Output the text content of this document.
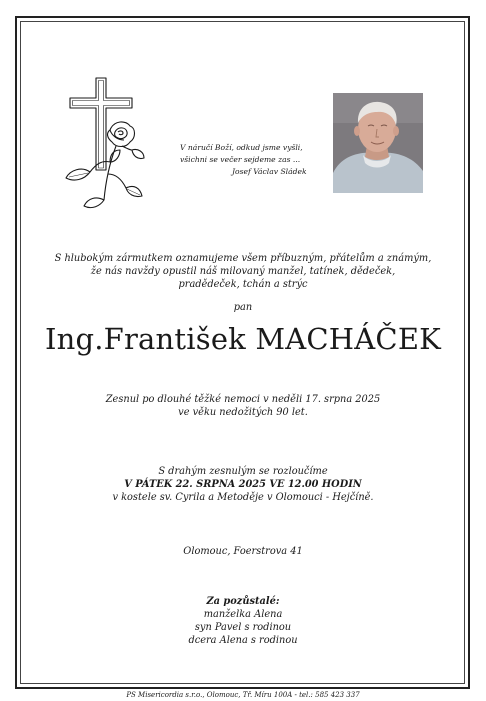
V náručí Boží, odkud jsme vyšli,
všichni se večer sejdeme zas ...
Josef Václav Sládek
S hlubokým zármutkem oznamujeme všem příbuzným, přátelům a známým,
že nás navždy opustil náš milovaný manžel, tatínek, dědeček,
pradědeček, tchán a strýc
pan
Ing.František MACHÁČEK
Zesnul po dlouhé těžké nemoci v neděli 17. srpna 2025
ve věku nedožitých 90 let.
S drahým zesnulým se rozloučíme
V PÁTEK 22. SRPNA 2025 VE 12.00 HODIN
v kostele sv. Cyrila a Metoděje v Olomouci - Hejčíně.
Olomouc, Foerstrova 41
Za pozůstalé:
manželka Alena
syn Pavel s rodinou
dcera Alena s rodinou
PS Misericordia s.r.o., Olomouc, Tř. Míru 100A - tel.: 585 423 337
